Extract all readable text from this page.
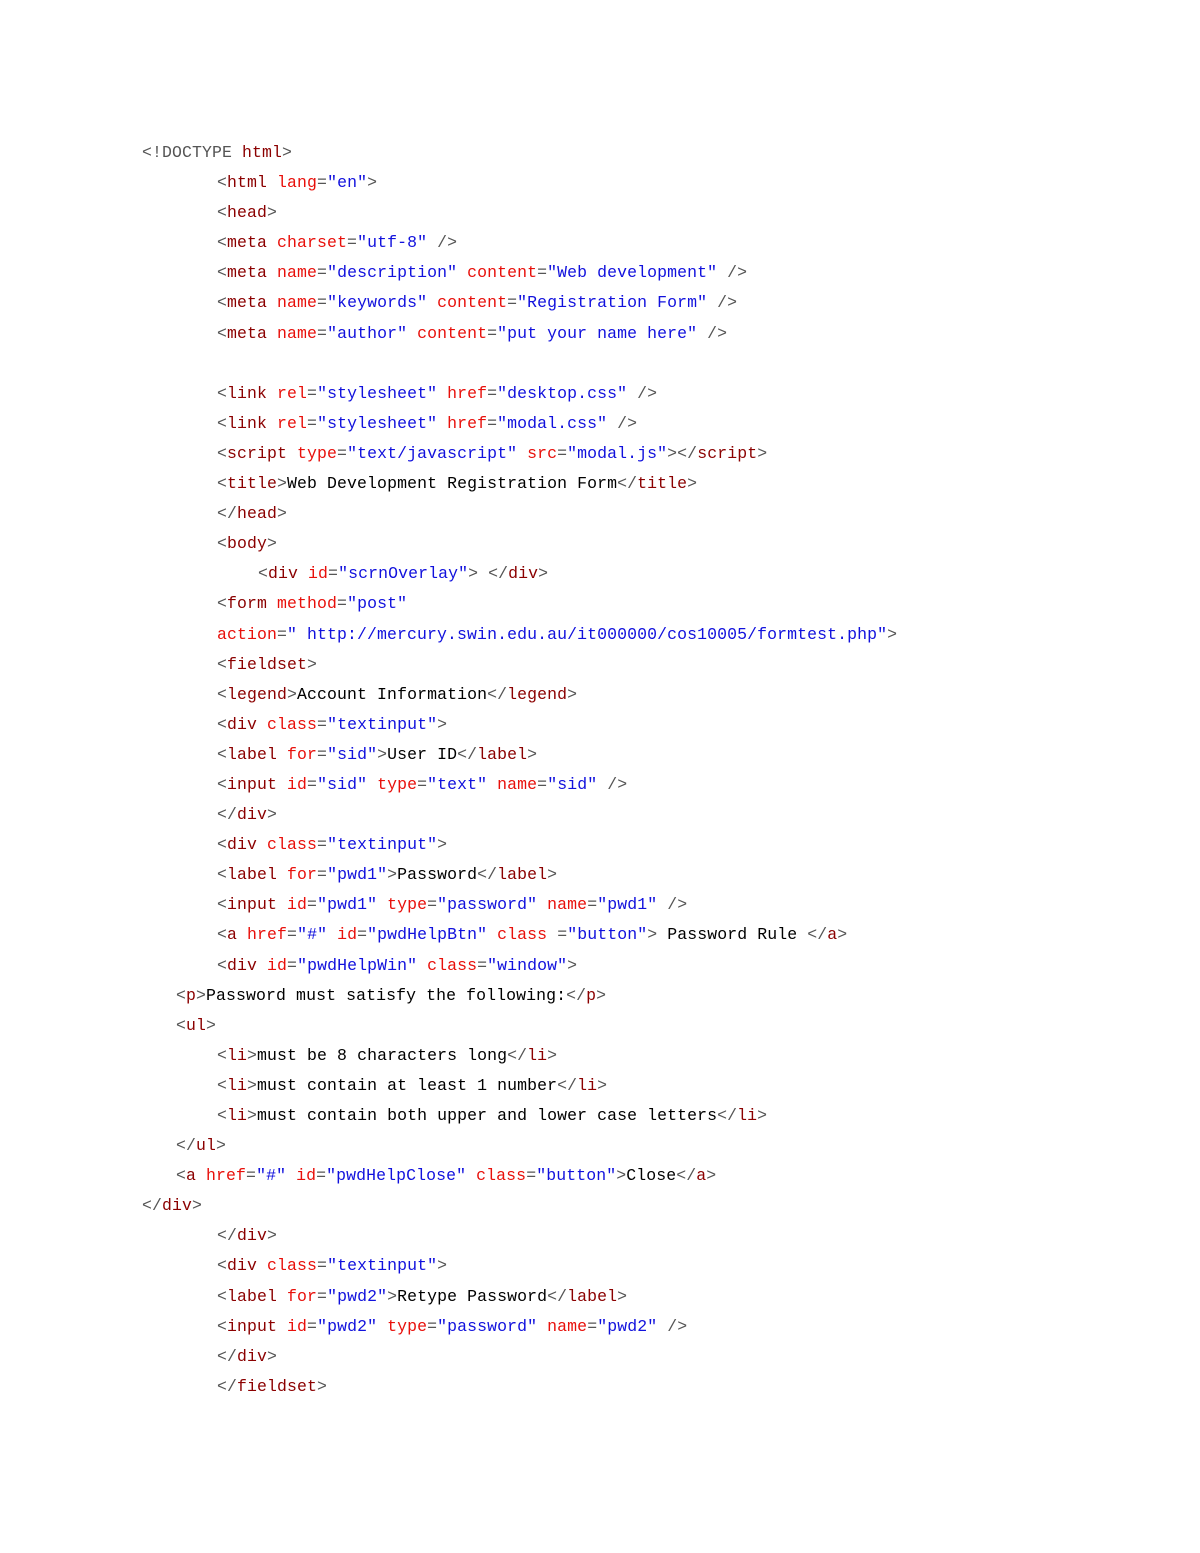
<!DOCTYPE html>
<html lang="en">
<head>
<meta charset="utf-8" />
<meta name="description" content="Web development" />
<meta name="keywords" content="Registration Form" />
<meta name="author" content="put your name here" />
<link rel="stylesheet" href="desktop.css" />
<link rel="stylesheet" href="modal.css" />
<script type="text/javascript" src="modal.js"></script>
<title>Web Development Registration Form</title>
</head>
<body>
<div id="scrnOverlay"> </div>
<form method="post"
action=" http://mercury.swin.edu.au/it000000/cos10005/formtest.php">
<fieldset>
<legend>Account Information</legend>
<div class="textinput">
<label for="sid">User ID</label>
<input id="sid" type="text" name="sid" />
</div>
<div class="textinput">
<label for="pwd1">Password</label>
<input id="pwd1" type="password" name="pwd1" />
<a href="#" id="pwdHelpBtn" class ="button"> Password Rule </a>
<div id="pwdHelpWin" class="window">
<p>Password must satisfy the following:</p>
<ul>
<li>must be 8 characters long</li>
<li>must contain at least 1 number</li>
<li>must contain both upper and lower case letters</li>
</ul>
<a href="#" id="pwdHelpClose" class="button">Close</a>
</div>
</div>
<div class="textinput">
<label for="pwd2">Retype Password</label>
<input id="pwd2" type="password" name="pwd2" />
</div>
</fieldset>
